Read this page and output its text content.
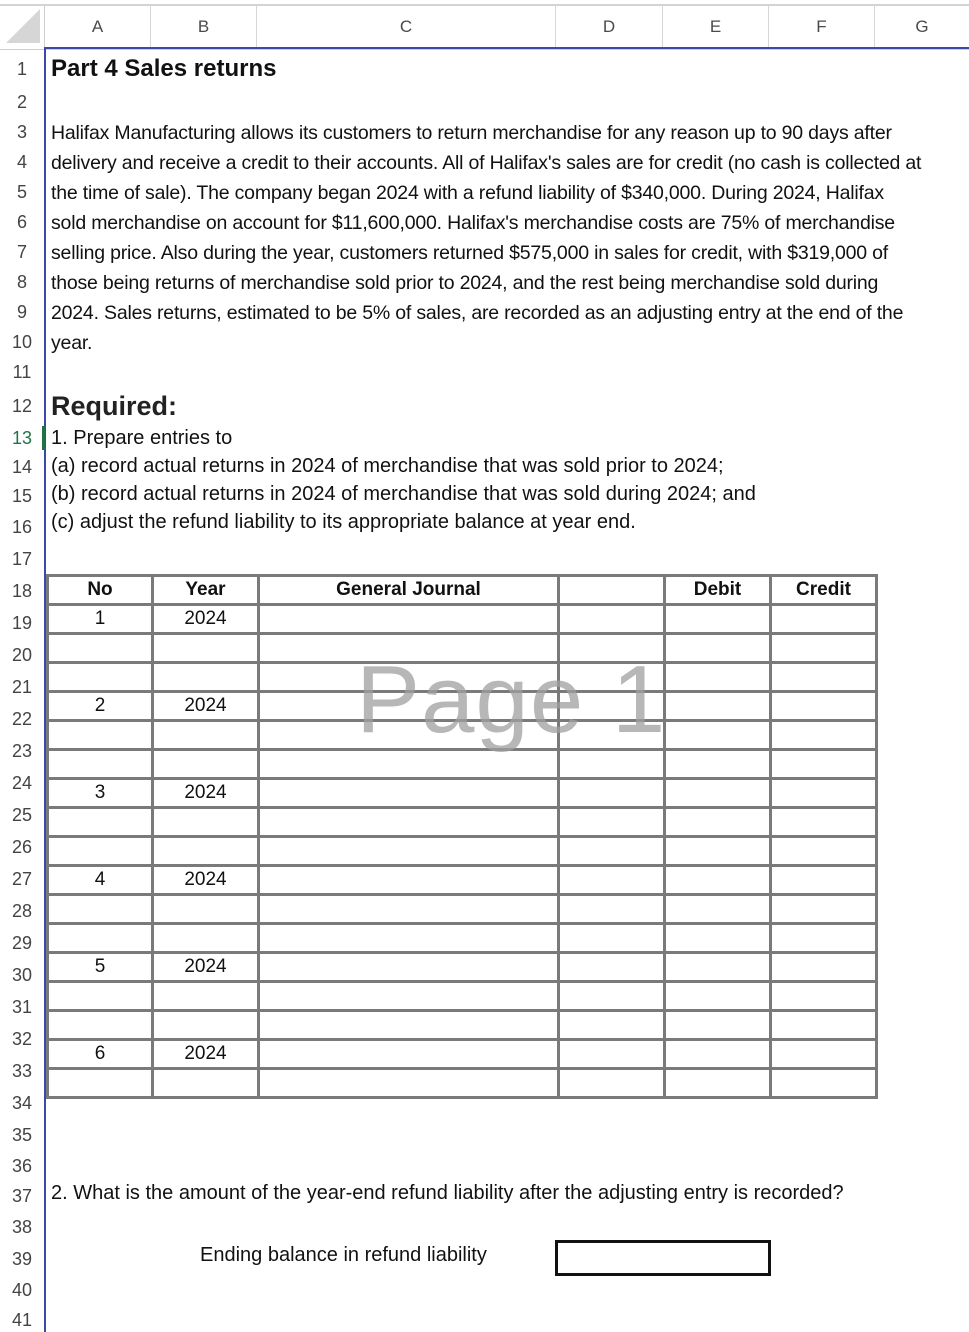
A	B	C	D	E	F	G
1
2
3
4
5
6
7
8
9
10
11
12
13
14
15
16
17
18
19
20
21
22
23
24
25
26
27
28
29
30
31
32
33
34
35
36
37
38
39
40
41
Part 4 Sales returns
Halifax Manufacturing allows its customers to return merchandise for any reason up to 90 days after
delivery and receive a credit to their accounts. All of Halifax's sales are for credit (no cash is collected at
the time of sale). The company began 2024 with a refund liability of $340,000. During 2024, Halifax
sold merchandise on account for $11,600,000. Halifax's merchandise costs are 75% of merchandise
selling price. Also during the year, customers returned $575,000 in sales for credit, with $319,000 of
those being returns of merchandise sold prior to 2024, and the rest being merchandise sold during
2024. Sales returns, estimated to be 5% of sales, are recorded as an adjusting entry at the end of the
year.
Required:
1. Prepare entries to
(a) record actual returns in 2024 of merchandise that was sold prior to 2024;
(b) record actual returns in 2024 of merchandise that was sold during 2024; and
(c) adjust the refund liability to its appropriate balance at year end.
No	Year	General Journal		Debit	Credit
1	2024				

2	2024				

3	2024				

4	2024				

5	2024				

6	2024				

Page 1
2. What is the amount of the year-end refund liability after the adjusting entry is recorded?
Ending balance in refund liability
